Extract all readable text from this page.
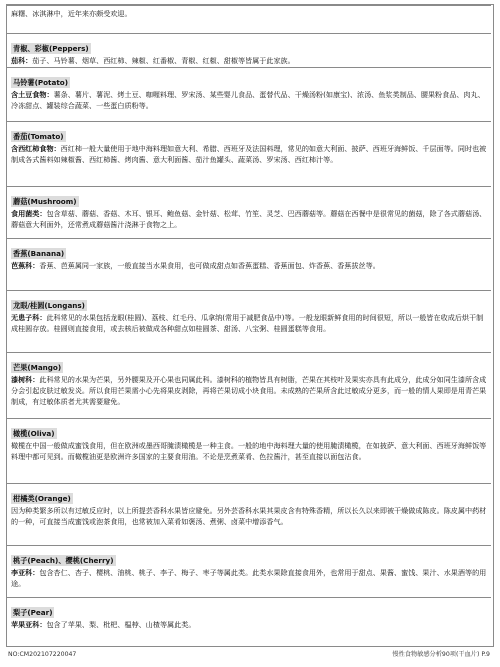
麻糬、冰淇淋中，近年来亦颇受欢迎。
青椒、彩椒(Peppers)
茄科：茄子、马铃薯、烟草、西红柿、辣椒、红番椒、青椒、红椒、甜椒等皆属于此家族。
马铃薯(Potato)
含土豆食物：薯条、薯片、薯泥、烤土豆、咖喱料理、罗宋汤、某些婴儿食品、蛋替代品、干燥汤粉(如康宝)、浓汤、鱼浆类制品、腰果粉食品、肉丸、冷冻甜点、罐装综合蔬菜、一些蛋白质粉等。
番茄(Tomato)
含西红柿食物：西红柿一般大量使用于地中海料理如意大利、希腊、西班牙及法国料理，常见的如意大利面、披萨、西班牙海鲜饭、千层面等。同时也被制成各式酱料如辣椒酱、西红柿酱、烤肉酱、意大利面酱、茄汁鱼罐头、蔬菜汤、罗宋汤、西红柿汁等。
蘑菇(Mushroom)
食用菌类：包含草菇、蘑菇、香菇、木耳、银耳、鲍鱼菇、金针菇、松茸、竹笙、灵芝、巴西蘑菇等。蘑菇在西餐中是很常见的菌菇，除了各式蘑菇汤、蘑菇意大利面外，还常煮成蘑菇酱汁浇淋于食物之上。
香蕉(Banana)
芭蕉科：香蕉、芭蕉属同一家族，一般直接当水果食用，也可做成甜点如香蕉蛋糕、香蕉面包、炸香蕉、香蕉拔丝等。
龙眼/桂圆(Longans)
无患子科：此科常见的水果包括龙眼(桂圆)、荔枝、红毛丹、瓜拿纳(常用于减肥食品中)等。一般龙眼新鲜食用的时间很短，所以一般皆在收成后烘干制成桂圆存放。桂圆则直接食用，或去核后被做成各种甜点如桂圆茶、甜汤、八宝粥、桂圆蛋糕等食用。
芒果(Mango)
漆树科：此科常见的水果为芒果，另外腰果及开心果也同属此科。漆树科的植物皆具有树脂，芒果在其枝叶及果实亦具有此成分，此成分如同生漆所含成分会引起皮肤过敏发炎。所以食用芒果需小心先将果皮剥除，再将芒果切成小块食用。未成熟的芒果所含此过敏成分更多，而一般的情人果即是用青芒果制成，有过敏体质者尤其需要避免。
橄榄(Oliva)
橄榄在中国一般做成蜜饯食用，但在欧洲或墨西哥腌渍橄榄是一种主食。一般的地中海料理大量的使用腌渍橄榄，在如披萨、意大利面、西班牙海鲜饭等料理中都可见到。而橄榄油更是欧洲许多国家的主要食用油。不论是烹煮菜肴、色拉酱汁，甚至直接以面包沾食。
柑橘类(Orange)
因为种类繁多所以有过敏反应时，以上所提芸香科水果皆应避免。另外芸香科水果其果皮含有特殊香精，所以长久以来即被干燥做成陈皮。陈皮属中药材的一种，可直接当成蜜饯或泡茶食用，也常被加入菜肴如褒汤、煮粥、卤菜中增添香气。
桃子(Peach)、樱桃(Cherry)
李亚科：包含杏仁、杏子、樱桃、油桃、桃子、李子、梅子、枣子等属此类。此类水果除直接食用外，也常用于甜点、果酱、蜜饯、果汁、水果酒等的用途。
梨子(Pear)
苹果亚科：包含了苹果、梨、枇杷、榅桲、山楂等属此类。
NO:CM202107220047	慢性食物敏感分析90项(干血片) P.9
